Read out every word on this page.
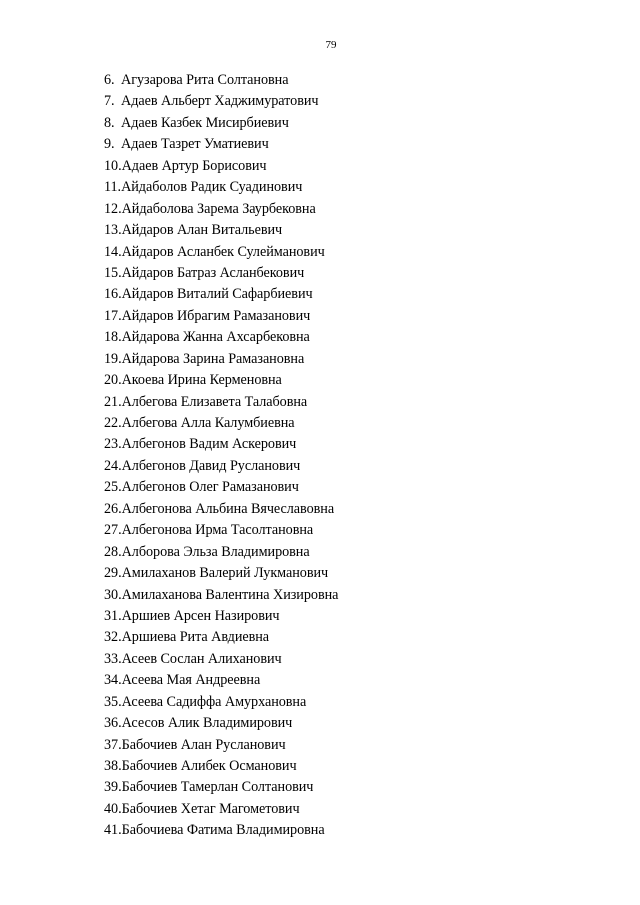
79
6. Агузарова Рита Солтановна
7. Адаев Альберт Хаджимуратович
8. Адаев Казбек Мисирбиевич
9. Адаев Тазрет Уматиевич
10.Адаев Артур Борисович
11.Айдаболов Радик Суадинович
12.Айдаболова Зарема Заурбековна
13.Айдаров Алан Витальевич
14.Айдаров Асланбек Сулейманович
15.Айдаров Батраз Асланбекович
16.Айдаров Виталий Сафарбиевич
17.Айдаров Ибрагим Рамазанович
18.Айдарова Жанна Ахсарбековна
19.Айдарова Зарина Рамазановна
20.Акоева Ирина Керменовна
21.Албегова Елизавета Талабовна
22.Албегова Алла Калумбиевна
23.Албегонов Вадим Аскерович
24.Албегонов Давид Русланович
25.Албегонов Олег Рамазанович
26.Албегонова Альбина Вячеславовна
27.Албегонова Ирма Тасолтановна
28.Алборова Эльза Владимировна
29.Амилаханов Валерий Лукманович
30.Амилаханова Валентина Хизировна
31.Аршиев Арсен Назирович
32.Аршиева Рита Авдиевна
33.Асеев Сослан Алиханович
34.Асеева Мая Андреевна
35.Асеева Садиффа Амурхановна
36.Асесов Алик Владимирович
37.Бабочиев Алан Русланович
38.Бабочиев Алибек Османович
39.Бабочиев Тамерлан Солтанович
40.Бабочиев Хетаг Магометович
41.Бабочиева Фатима Владимировна
